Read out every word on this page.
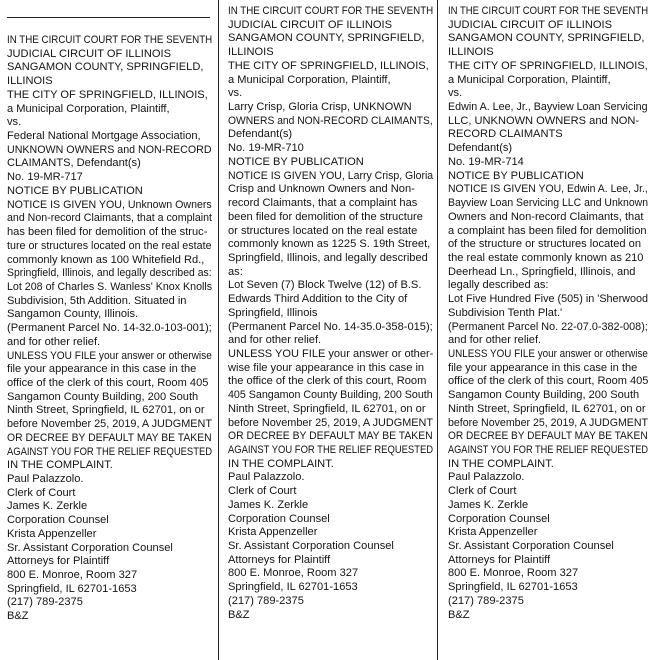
IN THE CIRCUIT COURT FOR THE SEVENTH
JUDICIAL CIRCUIT OF ILLINOIS
SANGAMON COUNTY, SPRINGFIELD,
ILLINOIS
THE CITY OF SPRINGFIELD, ILLINOIS,
a Municipal Corporation, Plaintiff,
vs.
Federal National Mortgage Association,
UNKNOWN OWNERS and NON-RECORD
CLAIMANTS, Defendant(s)
No. 19-MR-717
NOTICE BY PUBLICATION
NOTICE IS GIVEN YOU, Unknown Owners
and Non-record Claimants, that a complaint
has been filed for demolition of the struc-
ture or structures located on the real estate
commonly known as 100 Whitefield Rd.,
Springfield, Illinois, and legally described as:
Lot 208 of Charles S. Wanless' Knox Knolls
Subdivision, 5th Addition. Situated in
Sangamon County, Illinois.
(Permanent Parcel No. 14-32.0-103-001);
and for other relief.
UNLESS YOU FILE your answer or otherwise
file your appearance in this case in the
office of the clerk of this court, Room 405
Sangamon County Building, 200 South
Ninth Street, Springfield, IL 62701, on or
before November 25, 2019, A JUDGMENT
OR DECREE BY DEFAULT MAY BE TAKEN
AGAINST YOU FOR THE RELIEF REQUESTED
IN THE COMPLAINT.
Paul Palazzolo.
Clerk of Court
James K. Zerkle
Corporation Counsel
Krista Appenzeller
Sr. Assistant Corporation Counsel
Attorneys for Plaintiff
800 E. Monroe, Room 327
Springfield, IL 62701-1653
(217) 789-2375
B&Z
IN THE CIRCUIT COURT FOR THE SEVENTH
JUDICIAL CIRCUIT OF ILLINOIS
SANGAMON COUNTY, SPRINGFIELD,
ILLINOIS
THE CITY OF SPRINGFIELD, ILLINOIS,
a Municipal Corporation, Plaintiff,
vs.
Larry Crisp, Gloria Crisp, UNKNOWN
OWNERS and NON-RECORD CLAIMANTS,
Defendant(s)
No. 19-MR-710
NOTICE BY PUBLICATION
NOTICE IS GIVEN YOU, Larry Crisp, Gloria
Crisp and Unknown Owners and Non-
record Claimants, that a complaint has
been filed for demolition of the structure
or structures located on the real estate
commonly known as 1225 S. 19th Street,
Springfield, Illinois, and legally described
as:
Lot Seven (7) Block Twelve (12) of B.S.
Edwards Third Addition to the City of
Springfield, Illinois
(Permanent Parcel No. 14-35.0-358-015);
and for other relief.
UNLESS YOU FILE your answer or other-
wise file your appearance in this case in
the office of the clerk of this court, Room
405 Sangamon County Building, 200 South
Ninth Street, Springfield, IL 62701, on or
before November 25, 2019, A JUDGMENT
OR DECREE BY DEFAULT MAY BE TAKEN
AGAINST YOU FOR THE RELIEF REQUESTED
IN THE COMPLAINT.
Paul Palazzolo.
Clerk of Court
James K. Zerkle
Corporation Counsel
Krista Appenzeller
Sr. Assistant Corporation Counsel
Attorneys for Plaintiff
800 E. Monroe, Room 327
Springfield, IL 62701-1653
(217) 789-2375
B&Z
IN THE CIRCUIT COURT FOR THE SEVENTH
JUDICIAL CIRCUIT OF ILLINOIS
SANGAMON COUNTY, SPRINGFIELD,
ILLINOIS
THE CITY OF SPRINGFIELD, ILLINOIS,
a Municipal Corporation, Plaintiff,
vs.
Edwin A. Lee, Jr., Bayview Loan Servicing
LLC, UNKNOWN OWNERS and NON-
RECORD CLAIMANTS
Defendant(s)
No. 19-MR-714
NOTICE BY PUBLICATION
NOTICE IS GIVEN YOU, Edwin A. Lee, Jr.,
Bayview Loan Servicing LLC and Unknown
Owners and Non-record Claimants, that
a complaint has been filed for demolition
of the structure or structures located on
the real estate commonly known as 210
Deerhead Ln., Springfield, Illinois, and
legally described as:
Lot Five Hundred Five (505) in 'Sherwood
Subdivision Tenth Plat.'
(Permanent Parcel No. 22-07.0-382-008);
and for other relief.
UNLESS YOU FILE your answer or otherwise
file your appearance in this case in the
office of the clerk of this court, Room 405
Sangamon County Building, 200 South
Ninth Street, Springfield, IL 62701, on or
before November 25, 2019, A JUDGMENT
OR DECREE BY DEFAULT MAY BE TAKEN
AGAINST YOU FOR THE RELIEF REQUESTED
IN THE COMPLAINT.
Paul Palazzolo.
Clerk of Court
James K. Zerkle
Corporation Counsel
Krista Appenzeller
Sr. Assistant Corporation Counsel
Attorneys for Plaintiff
800 E. Monroe, Room 327
Springfield, IL 62701-1653
(217) 789-2375
B&Z
